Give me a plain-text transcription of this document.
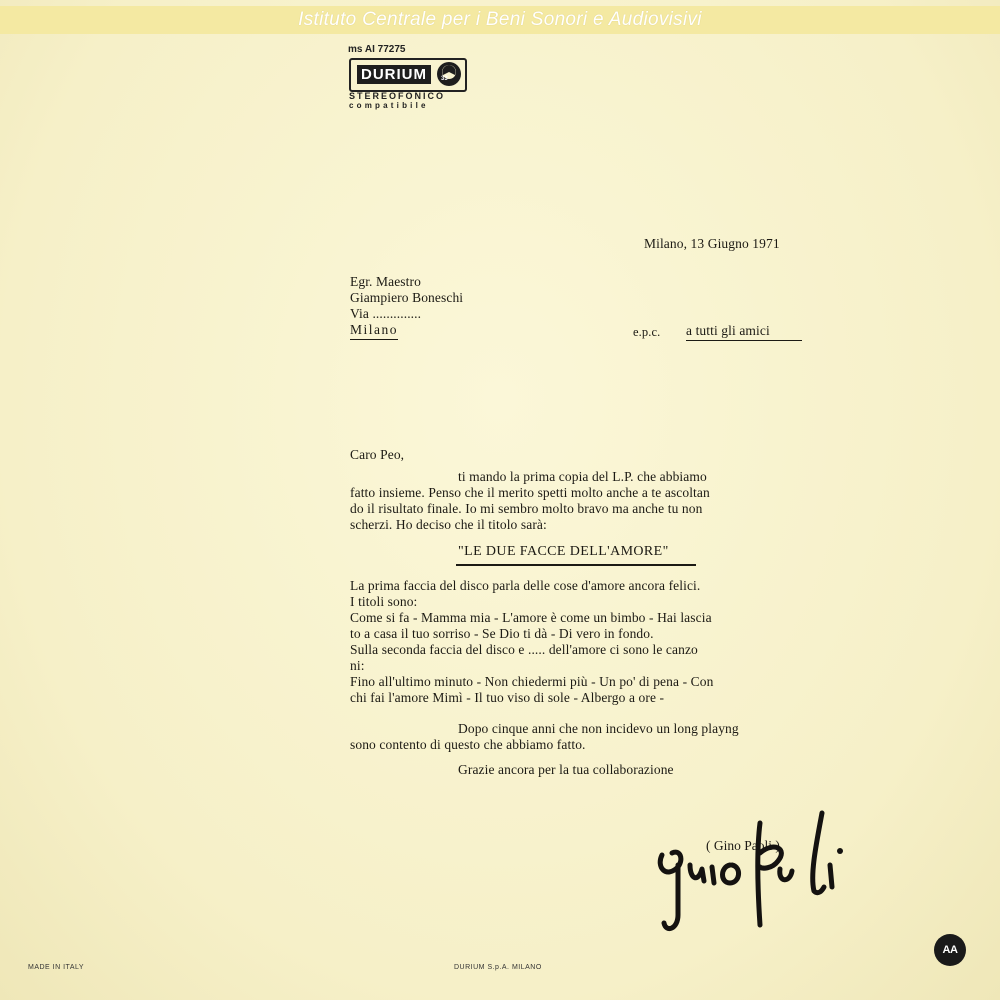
Istituto Centrale per i Beni Sonori e Audiovisivi
ms AI 77275
DURIUM	33
STEREOFONICO
compatibile
Milano, 13 Giugno 1971
Egr. Maestro
Giampiero Boneschi
Via ..............
Milano	e.p.c. a tutti gli amici
Caro Peo,
ti mando la prima copia del L.P. che abbiamo
fatto insieme. Penso che il merito spetti molto anche a te ascoltan
do il risultato finale. Io mi sembro molto bravo ma anche tu non
scherzi. Ho deciso che il titolo sarà:
"LE DUE FACCE DELL'AMORE"
La prima faccia del disco parla delle cose d'amore ancora felici.
I titoli sono:
Come si fa - Mamma mia - L'amore è come un bimbo - Hai lascia
to a casa il tuo sorriso - Se Dio ti dà - Di vero in fondo.
Sulla seconda faccia del disco e ..... dell'amore ci sono le canzo
ni:
Fino all'ultimo minuto - Non chiedermi più - Un po' di pena - Con
chi fai l'amore Mimì - Il tuo viso di sole - Albergo a ore -
Dopo cinque anni che non incidevo un long playng
sono contento di questo che abbiamo fatto.
Grazie ancora per la tua collaborazione
( Gino Paoli )
MADE IN ITALY	DURIUM S.p.A. MILANO
AA
